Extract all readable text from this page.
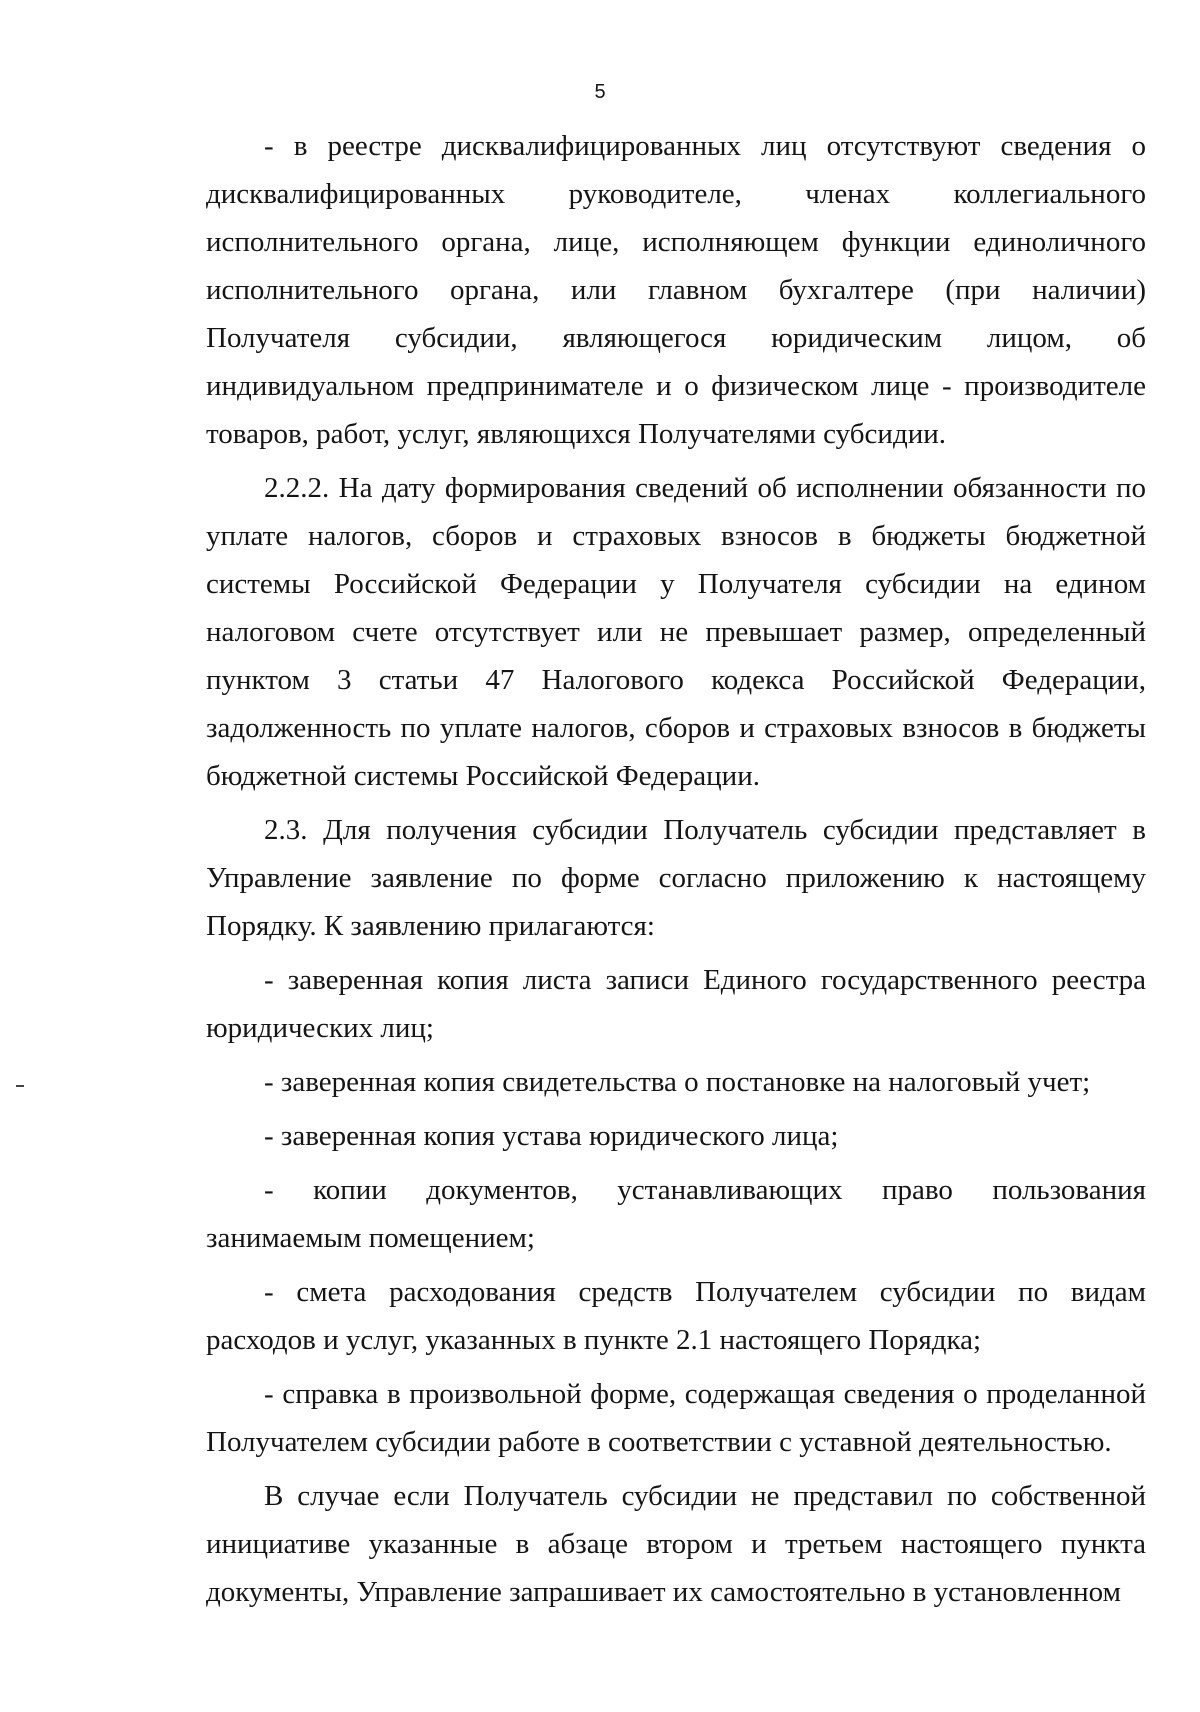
5

- в реестре дисквалифицированных лиц отсутствуют сведения о дисквалифицированных руководителе, членах коллегиального исполнительного органа, лице, исполняющем функции единоличного исполнительного органа, или главном бухгалтере (при наличии) Получателя субсидии, являющегося юридическим лицом, об индивидуальном предпринимателе и о физическом лице - производителе товаров, работ, услуг, являющихся Получателями субсидии.

2.2.2. На дату формирования сведений об исполнении обязанности по уплате налогов, сборов и страховых взносов в бюджеты бюджетной системы Российской Федерации у Получателя субсидии на едином налоговом счете отсутствует или не превышает размер, определенный пунктом 3 статьи 47 Налогового кодекса Российской Федерации, задолженность по уплате налогов, сборов и страховых взносов в бюджеты бюджетной системы Российской Федерации.

2.3. Для получения субсидии Получатель субсидии представляет в Управление заявление по форме согласно приложению к настоящему Порядку. К заявлению прилагаются:

- заверенная копия листа записи Единого государственного реестра юридических лиц;

- заверенная копия свидетельства о постановке на налоговый учет;

- заверенная копия устава юридического лица;

- копии документов, устанавливающих право пользования занимаемым помещением;

- смета расходования средств Получателем субсидии по видам расходов и услуг, указанных в пункте 2.1 настоящего Порядка;

- справка в произвольной форме, содержащая сведения о проделанной Получателем субсидии работе в соответствии с уставной деятельностью.

В случае если Получатель субсидии не представил по собственной инициативе указанные в абзаце втором и третьем настоящего пункта документы, Управление запрашивает их самостоятельно в установленном
